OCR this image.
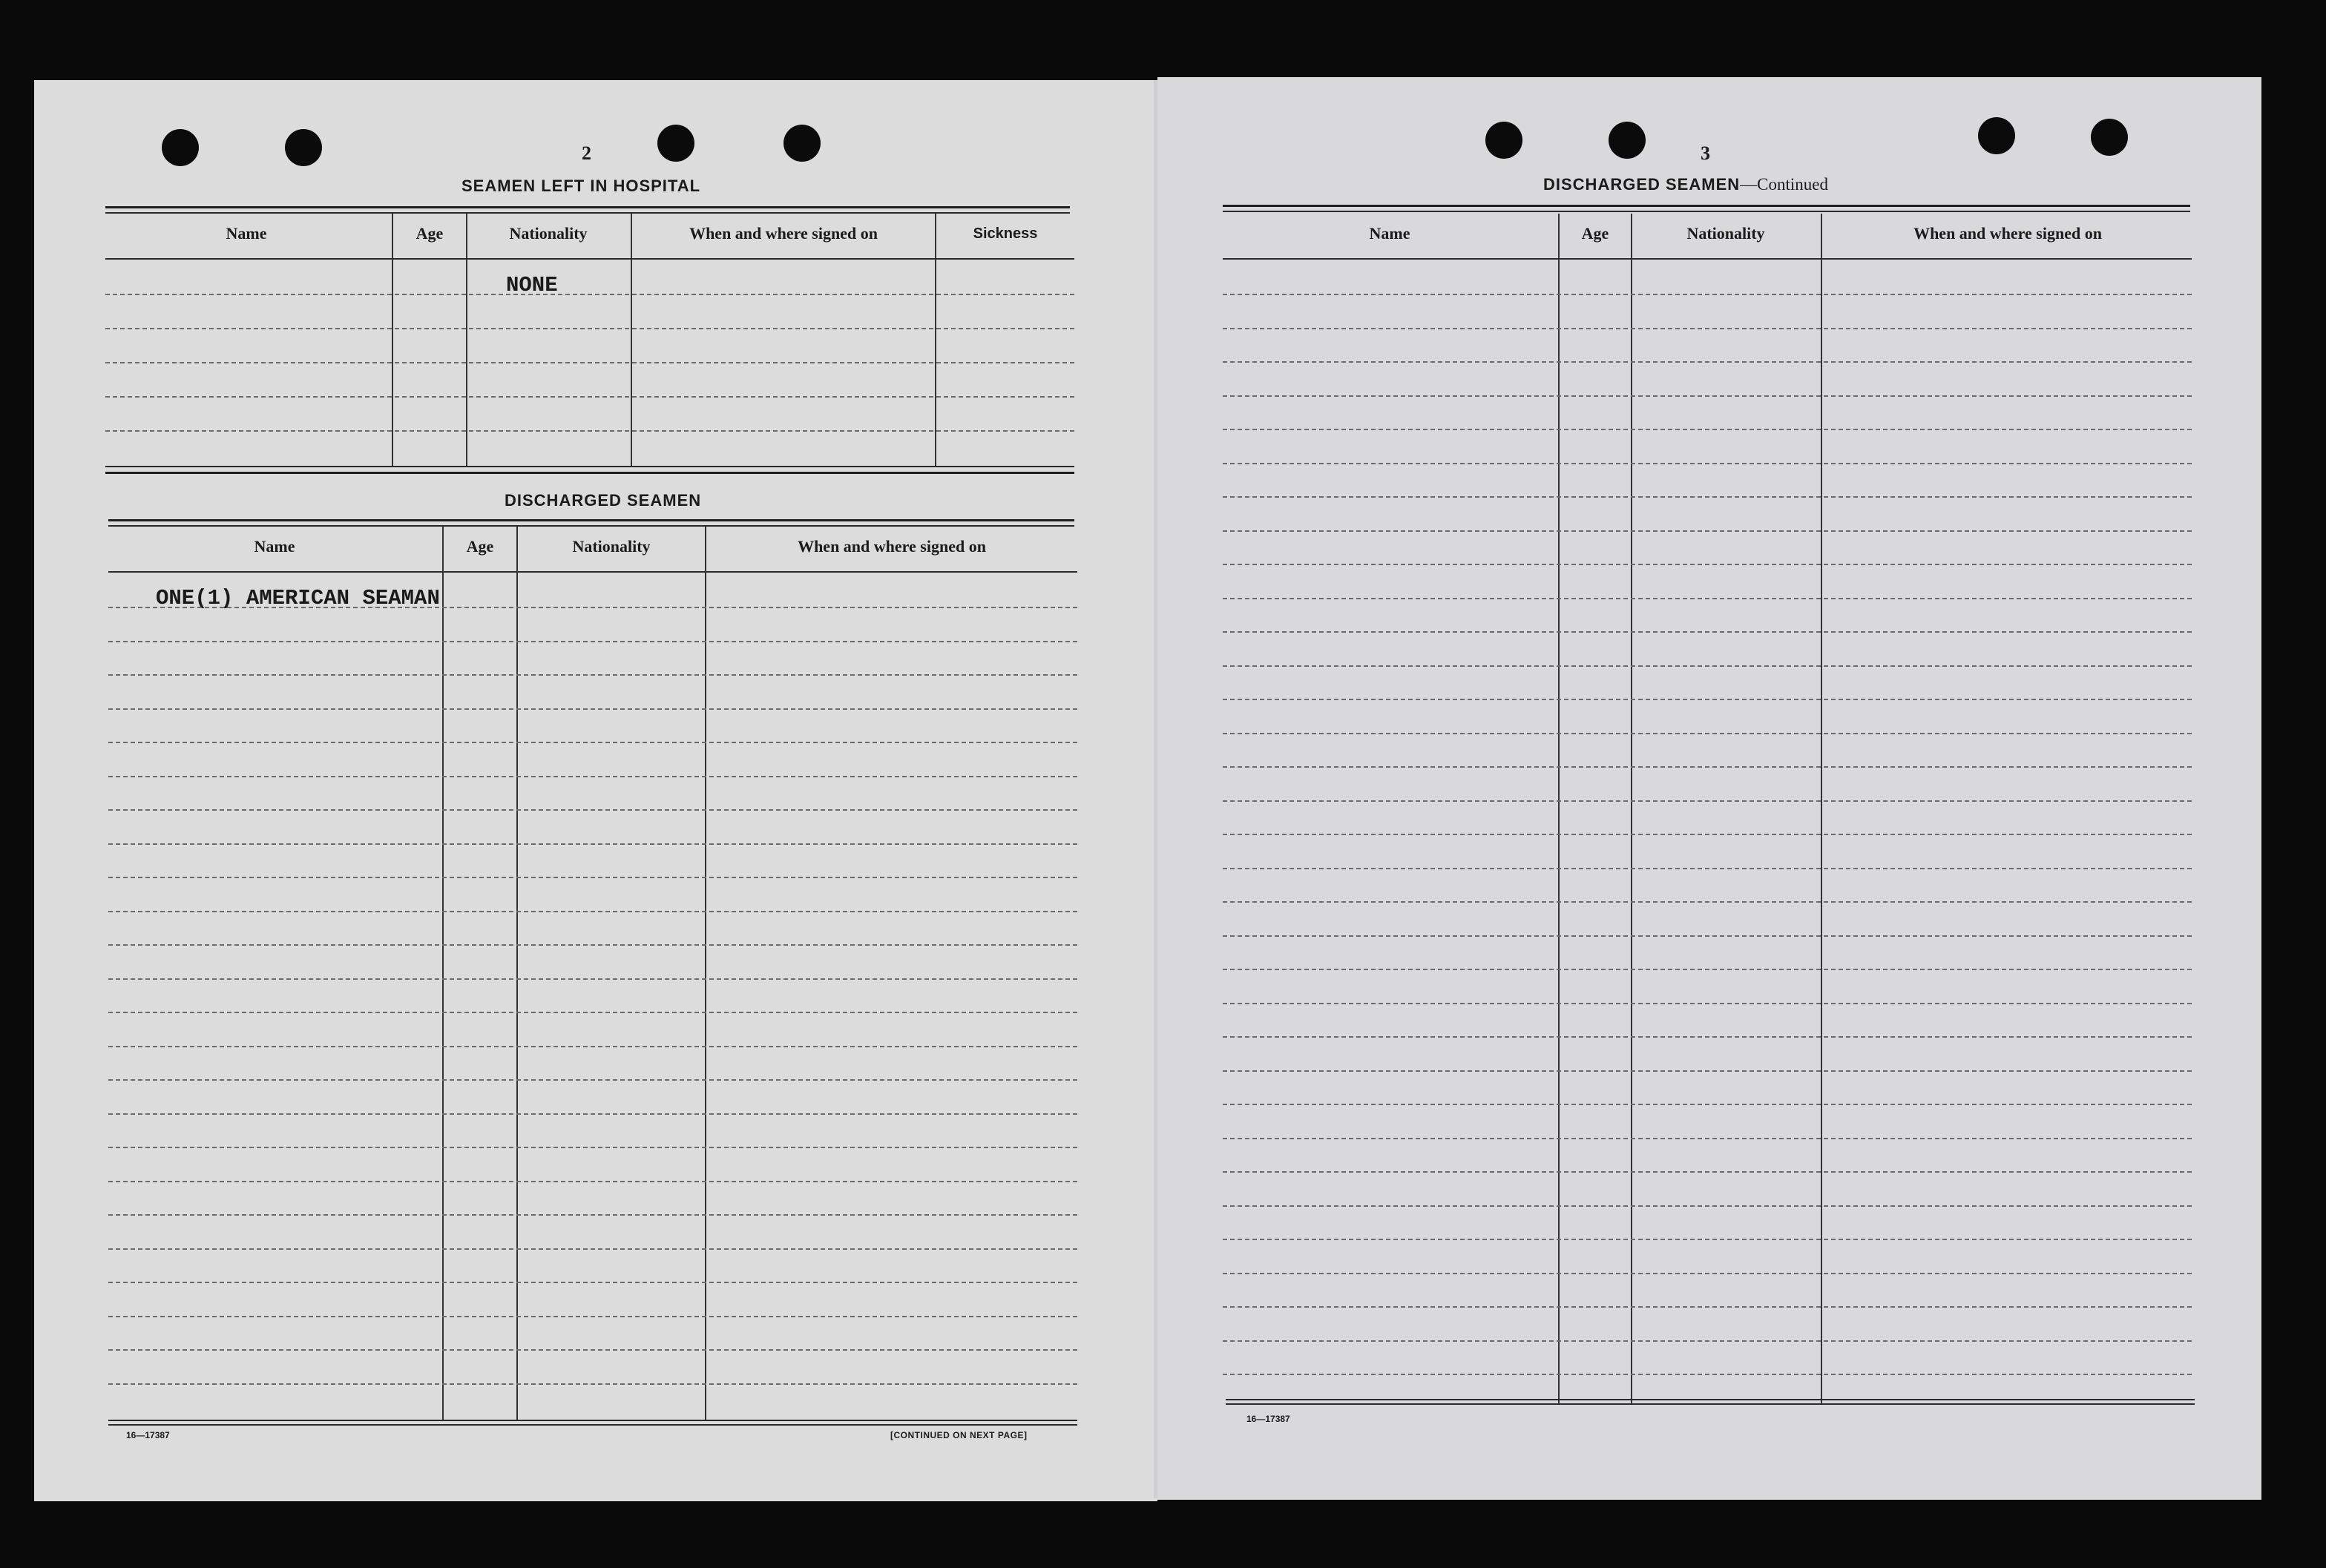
2
SEAMEN LEFT IN HOSPITAL
Name	Age	Nationality	When and where signed on	Sickness
NONE
DISCHARGED SEAMEN
Name	Age	Nationality	When and where signed on
ONE(1) AMERICAN SEAMAN
16—17387	[CONTINUED ON NEXT PAGE]
3
DISCHARGED SEAMEN—Continued
Name	Age	Nationality	When and where signed on
16—17387
